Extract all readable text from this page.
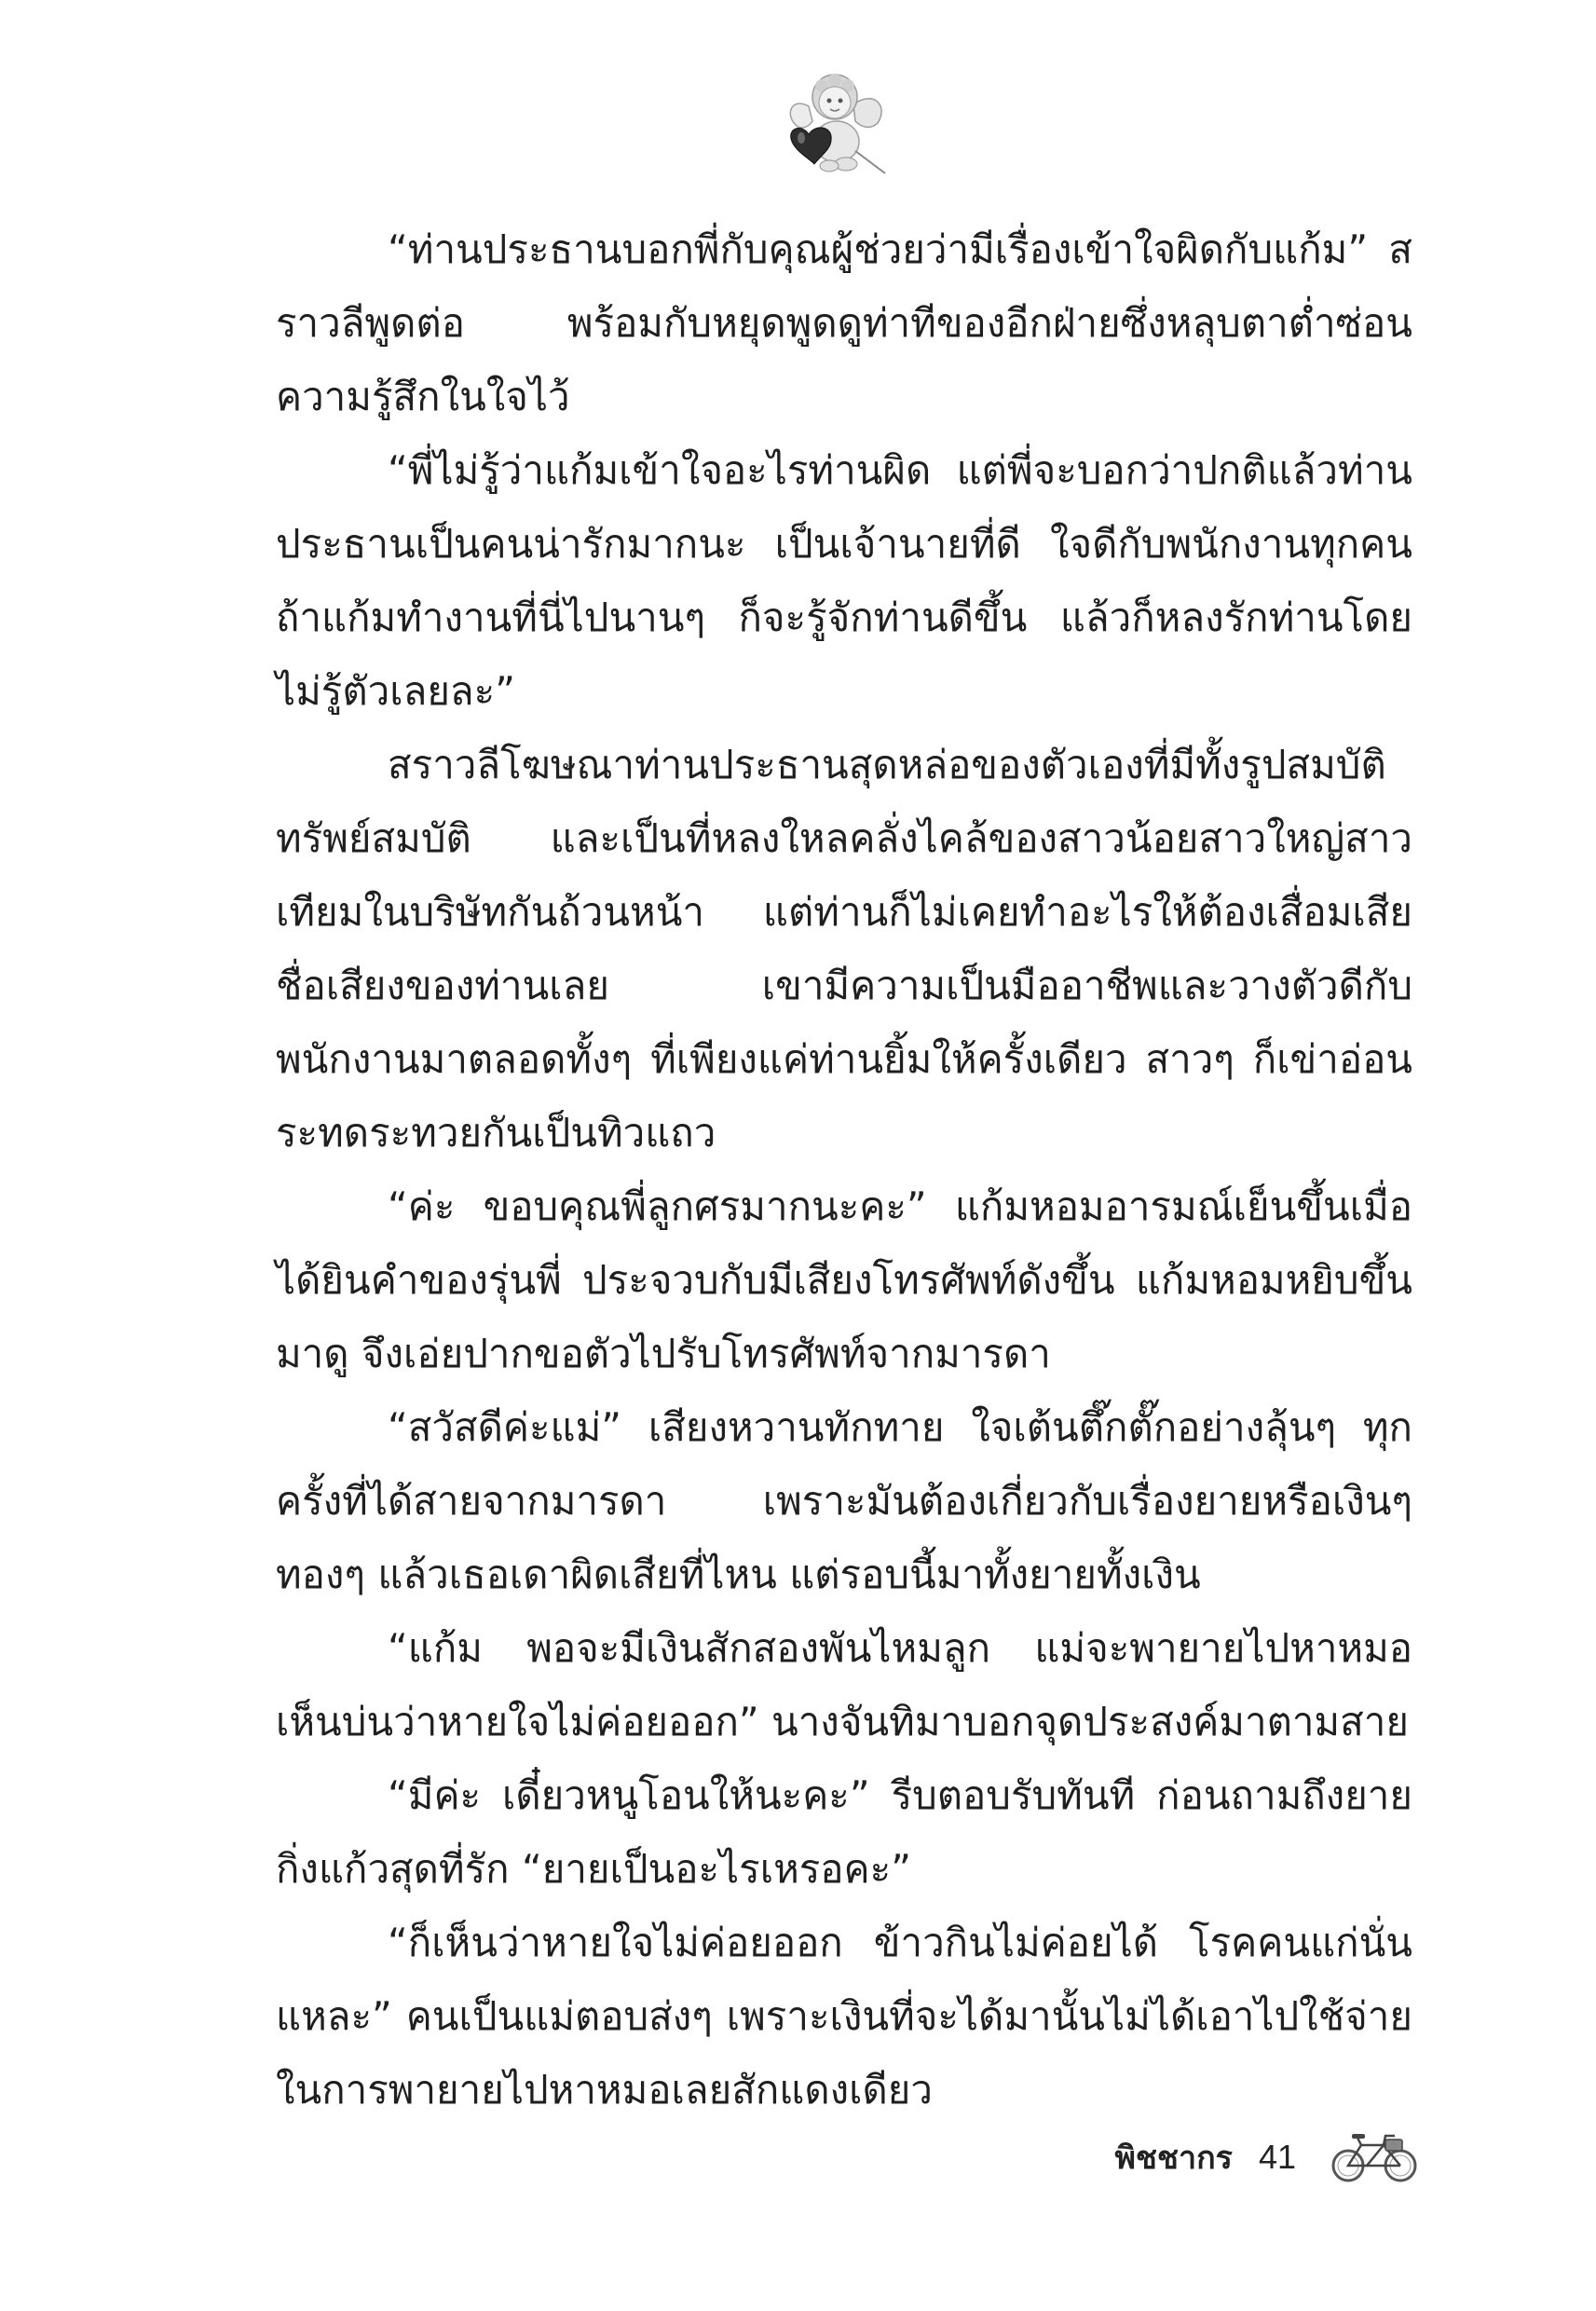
“ท่านประธานบอกพี่กับคุณผู้ช่วยว่ามีเรื่องเข้าใจผิดกับแก้ม” สราวลีพูดต่อ พร้อมกับหยุดพูดดูท่าทีของอีกฝ่ายซึ่งหลุบตาต่ำซ่อนความรู้สึกในใจไว้

“พี่ไม่รู้ว่าแก้มเข้าใจอะไรท่านผิด แต่พี่จะบอกว่าปกติแล้วท่านประธานเป็นคนน่ารักมากนะ เป็นเจ้านายที่ดี ใจดีกับพนักงานทุกคน ถ้าแก้มทำงานที่นี่ไปนานๆ ก็จะรู้จักท่านดีขึ้น แล้วก็หลงรักท่านโดยไม่รู้ตัวเลยละ”

สราวลีโฆษณาท่านประธานสุดหล่อของตัวเองที่มีทั้งรูปสมบัติทรัพย์สมบัติ และเป็นที่หลงใหลคลั่งไคล้ของสาวน้อยสาวใหญ่สาวเทียมในบริษัทกันถ้วนหน้า แต่ท่านก็ไม่เคยทำอะไรให้ต้องเสื่อมเสียชื่อเสียงของท่านเลย เขามีความเป็นมืออาชีพและวางตัวดีกับพนักงานมาตลอดทั้งๆ ที่เพียงแค่ท่านยิ้มให้ครั้งเดียว สาวๆ ก็เข่าอ่อนระทดระทวยกันเป็นทิวแถว

“ค่ะ ขอบคุณพี่ลูกศรมากนะคะ” แก้มหอมอารมณ์เย็นขึ้นเมื่อได้ยินคำของรุ่นพี่ ประจวบกับมีเสียงโทรศัพท์ดังขึ้น แก้มหอมหยิบขึ้นมาดู จึงเอ่ยปากขอตัวไปรับโทรศัพท์จากมารดา

“สวัสดีค่ะแม่” เสียงหวานทักทาย ใจเต้นตึ๊กตั๊กอย่างลุ้นๆ ทุกครั้งที่ได้สายจากมารดา เพราะมันต้องเกี่ยวกับเรื่องยายหรือเงินๆ ทองๆ แล้วเธอเดาผิดเสียที่ไหน แต่รอบนี้มาทั้งยายทั้งเงิน

“แก้ม พอจะมีเงินสักสองพันไหมลูก แม่จะพายายไปหาหมอเห็นบ่นว่าหายใจไม่ค่อยออก” นางจันทิมาบอกจุดประสงค์มาตามสาย

“มีค่ะ เดี๋ยวหนูโอนให้นะคะ” รีบตอบรับทันที ก่อนถามถึงยายกิ่งแก้วสุดที่รัก “ยายเป็นอะไรเหรอคะ”

“ก็เห็นว่าหายใจไม่ค่อยออก ข้าวกินไม่ค่อยได้ โรคคนแก่นั่นแหละ” คนเป็นแม่ตอบส่งๆ เพราะเงินที่จะได้มานั้นไม่ได้เอาไปใช้จ่ายในการพายายไปหาหมอเลยสักแดงเดียว

พิชชากร 41
